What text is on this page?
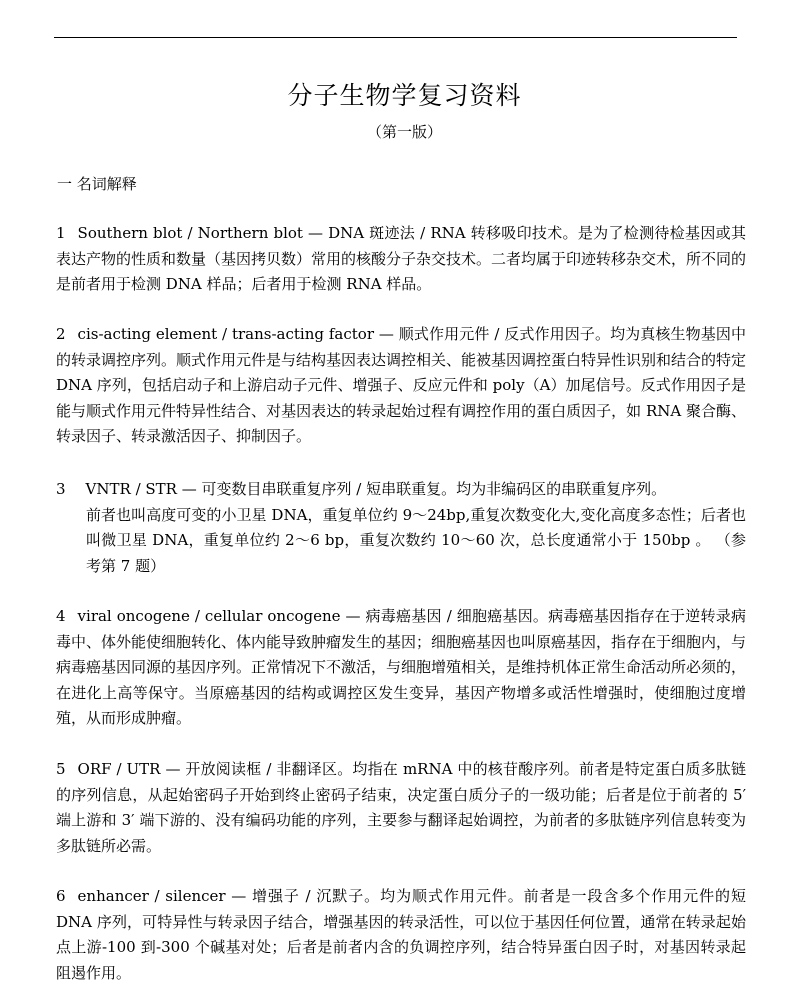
分子生物学复习资料
（第一版）
一 名词解释
1 Southern blot / Northern blot — DNA 斑迹法 / RNA 转移吸印技术。是为了检测待检基因或其表达产物的性质和数量（基因拷贝数）常用的核酸分子杂交技术。二者均属于印迹转移杂交术，所不同的是前者用于检测 DNA 样品；后者用于检测 RNA 样品。
2 cis-acting element / trans-acting factor — 顺式作用元件 / 反式作用因子。均为真核生物基因中的转录调控序列。顺式作用元件是与结构基因表达调控相关、能被基因调控蛋白特异性识别和结合的特定 DNA 序列，包括启动子和上游启动子元件、增强子、反应元件和 poly（A）加尾信号。反式作用因子是能与顺式作用元件特异性结合、对基因表达的转录起始过程有调控作用的蛋白质因子，如 RNA 聚合酶、转录因子、转录激活因子、抑制因子。
3 VNTR / STR — 可变数目串联重复序列 / 短串联重复。均为非编码区的串联重复序列。
前者也叫高度可变的小卫星 DNA，重复单位约 9～24bp,重复次数变化大,变化高度多态性；后者也叫微卫星 DNA，重复单位约 2～6 bp，重复次数约 10～60 次，总长度通常小于 150bp 。 （参考第 7 题）
4 viral oncogene / cellular oncogene — 病毒癌基因 / 细胞癌基因。病毒癌基因指存在于逆转录病毒中、体外能使细胞转化、体内能导致肿瘤发生的基因；细胞癌基因也叫原癌基因，指存在于细胞内，与病毒癌基因同源的基因序列。正常情况下不激活，与细胞增殖相关，是维持机体正常生命活动所必须的，在进化上高等保守。当原癌基因的结构或调控区发生变异，基因产物增多或活性增强时，使细胞过度增殖，从而形成肿瘤。
5 ORF / UTR — 开放阅读框 / 非翻译区。均指在 mRNA 中的核苷酸序列。前者是特定蛋白质多肽链的序列信息，从起始密码子开始到终止密码子结束，决定蛋白质分子的一级功能；后者是位于前者的 5′ 端上游和 3′ 端下游的、没有编码功能的序列，主要参与翻译起始调控，为前者的多肽链序列信息转变为多肽链所必需。
6 enhancer / silencer — 增强子 / 沉默子。均为顺式作用元件。前者是一段含多个作用元件的短 DNA 序列，可特异性与转录因子结合，增强基因的转录活性，可以位于基因任何位置，通常在转录起始点上游-100 到-300 个碱基对处；后者是前者内含的负调控序列，结合特异蛋白因子时，对基因转录起阻遏作用。
